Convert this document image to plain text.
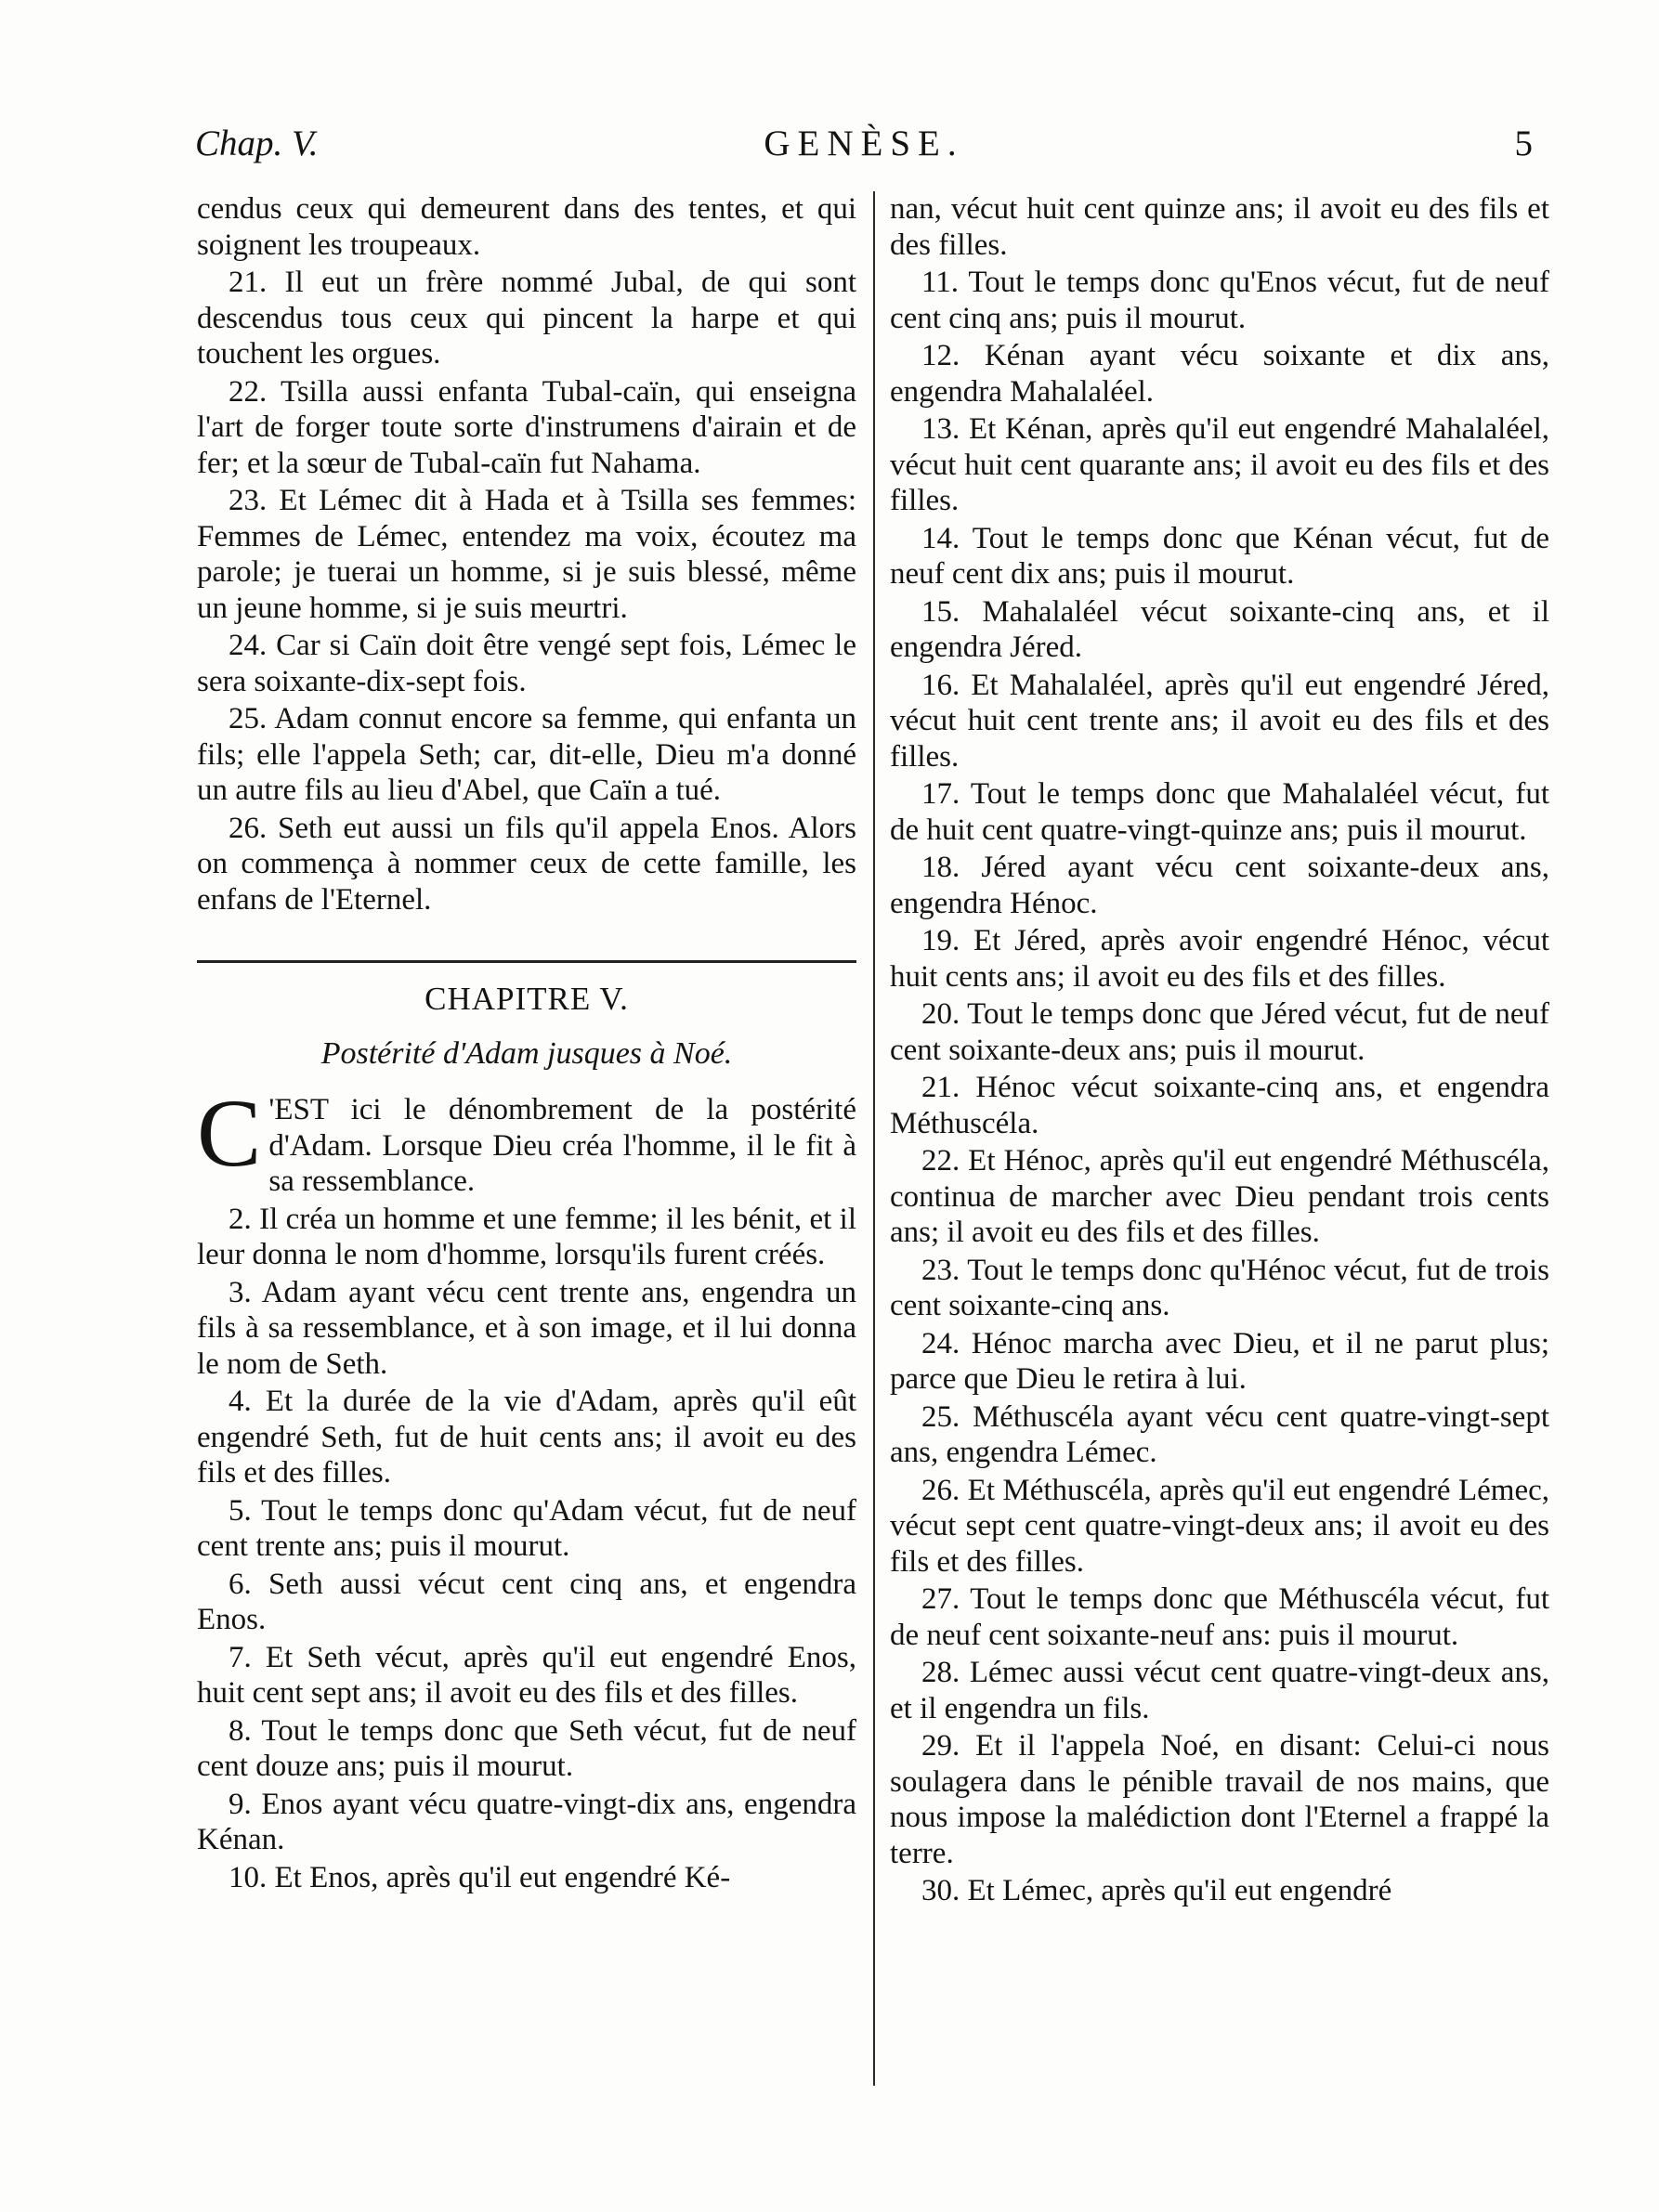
Chap. V.	GENÈSE.	5

cendus ceux qui demeurent dans des tentes, et qui soignent les troupeaux.

21. Il eut un frère nommé Jubal, de qui sont descendus tous ceux qui pincent la harpe et qui touchent les orgues.

22. Tsilla aussi enfanta Tubal-caïn, qui enseigna l'art de forger toute sorte d'instrumens d'airain et de fer; et la sœur de Tubal-caïn fut Nahama.

23. Et Lémec dit à Hada et à Tsilla ses femmes: Femmes de Lémec, entendez ma voix, écoutez ma parole; je tuerai un homme, si je suis blessé, même un jeune homme, si je suis meurtri.

24. Car si Caïn doit être vengé sept fois, Lémec le sera soixante-dix-sept fois.

25. Adam connut encore sa femme, qui enfanta un fils; elle l'appela Seth; car, dit-elle, Dieu m'a donné un autre fils au lieu d'Abel, que Caïn a tué.

26. Seth eut aussi un fils qu'il appela Enos. Alors on commença à nommer ceux de cette famille, les enfans de l'Eternel.

CHAPITRE V.
Postérité d'Adam jusques à Noé.

C 'EST ici le dénombrement de la postérité d'Adam. Lorsque Dieu créa l'homme, il le fit à sa ressemblance.

2. Il créa un homme et une femme; il les bénit, et il leur donna le nom d'homme, lorsqu'ils furent créés.

3. Adam ayant vécu cent trente ans, engendra un fils à sa ressemblance, et à son image, et il lui donna le nom de Seth.

4. Et la durée de la vie d'Adam, après qu'il eût engendré Seth, fut de huit cents ans; il avoit eu des fils et des filles.

5. Tout le temps donc qu'Adam vécut, fut de neuf cent trente ans; puis il mourut.

6. Seth aussi vécut cent cinq ans, et engendra Enos.

7. Et Seth vécut, après qu'il eut engendré Enos, huit cent sept ans; il avoit eu des fils et des filles.

8. Tout le temps donc que Seth vécut, fut de neuf cent douze ans; puis il mourut.

9. Enos ayant vécu quatre-vingt-dix ans, engendra Kénan.

10. Et Enos, après qu'il eut engendré Ké-

nan, vécut huit cent quinze ans; il avoit eu des fils et des filles.

11. Tout le temps donc qu'Enos vécut, fut de neuf cent cinq ans; puis il mourut.

12. Kénan ayant vécu soixante et dix ans, engendra Mahalaléel.

13. Et Kénan, après qu'il eut engendré Mahalaléel, vécut huit cent quarante ans; il avoit eu des fils et des filles.

14. Tout le temps donc que Kénan vécut, fut de neuf cent dix ans; puis il mourut.

15. Mahalaléel vécut soixante-cinq ans, et il engendra Jéred.

16. Et Mahalaléel, après qu'il eut engendré Jéred, vécut huit cent trente ans; il avoit eu des fils et des filles.

17. Tout le temps donc que Mahalaléel vécut, fut de huit cent quatre-vingt-quinze ans; puis il mourut.

18. Jéred ayant vécu cent soixante-deux ans, engendra Hénoc.

19. Et Jéred, après avoir engendré Hénoc, vécut huit cents ans; il avoit eu des fils et des filles.

20. Tout le temps donc que Jéred vécut, fut de neuf cent soixante-deux ans; puis il mourut.

21. Hénoc vécut soixante-cinq ans, et engendra Méthuscéla.

22. Et Hénoc, après qu'il eut engendré Méthuscéla, continua de marcher avec Dieu pendant trois cents ans; il avoit eu des fils et des filles.

23. Tout le temps donc qu'Hénoc vécut, fut de trois cent soixante-cinq ans.

24. Hénoc marcha avec Dieu, et il ne parut plus; parce que Dieu le retira à lui.

25. Méthuscéla ayant vécu cent quatre-vingt-sept ans, engendra Lémec.

26. Et Méthuscéla, après qu'il eut engendré Lémec, vécut sept cent quatre-vingt-deux ans; il avoit eu des fils et des filles.

27. Tout le temps donc que Méthuscéla vécut, fut de neuf cent soixante-neuf ans: puis il mourut.

28. Lémec aussi vécut cent quatre-vingt-deux ans, et il engendra un fils.

29. Et il l'appela Noé, en disant: Celui-ci nous soulagera dans le pénible travail de nos mains, que nous impose la malédiction dont l'Eternel a frappé la terre.

30. Et Lémec, après qu'il eut engendré
